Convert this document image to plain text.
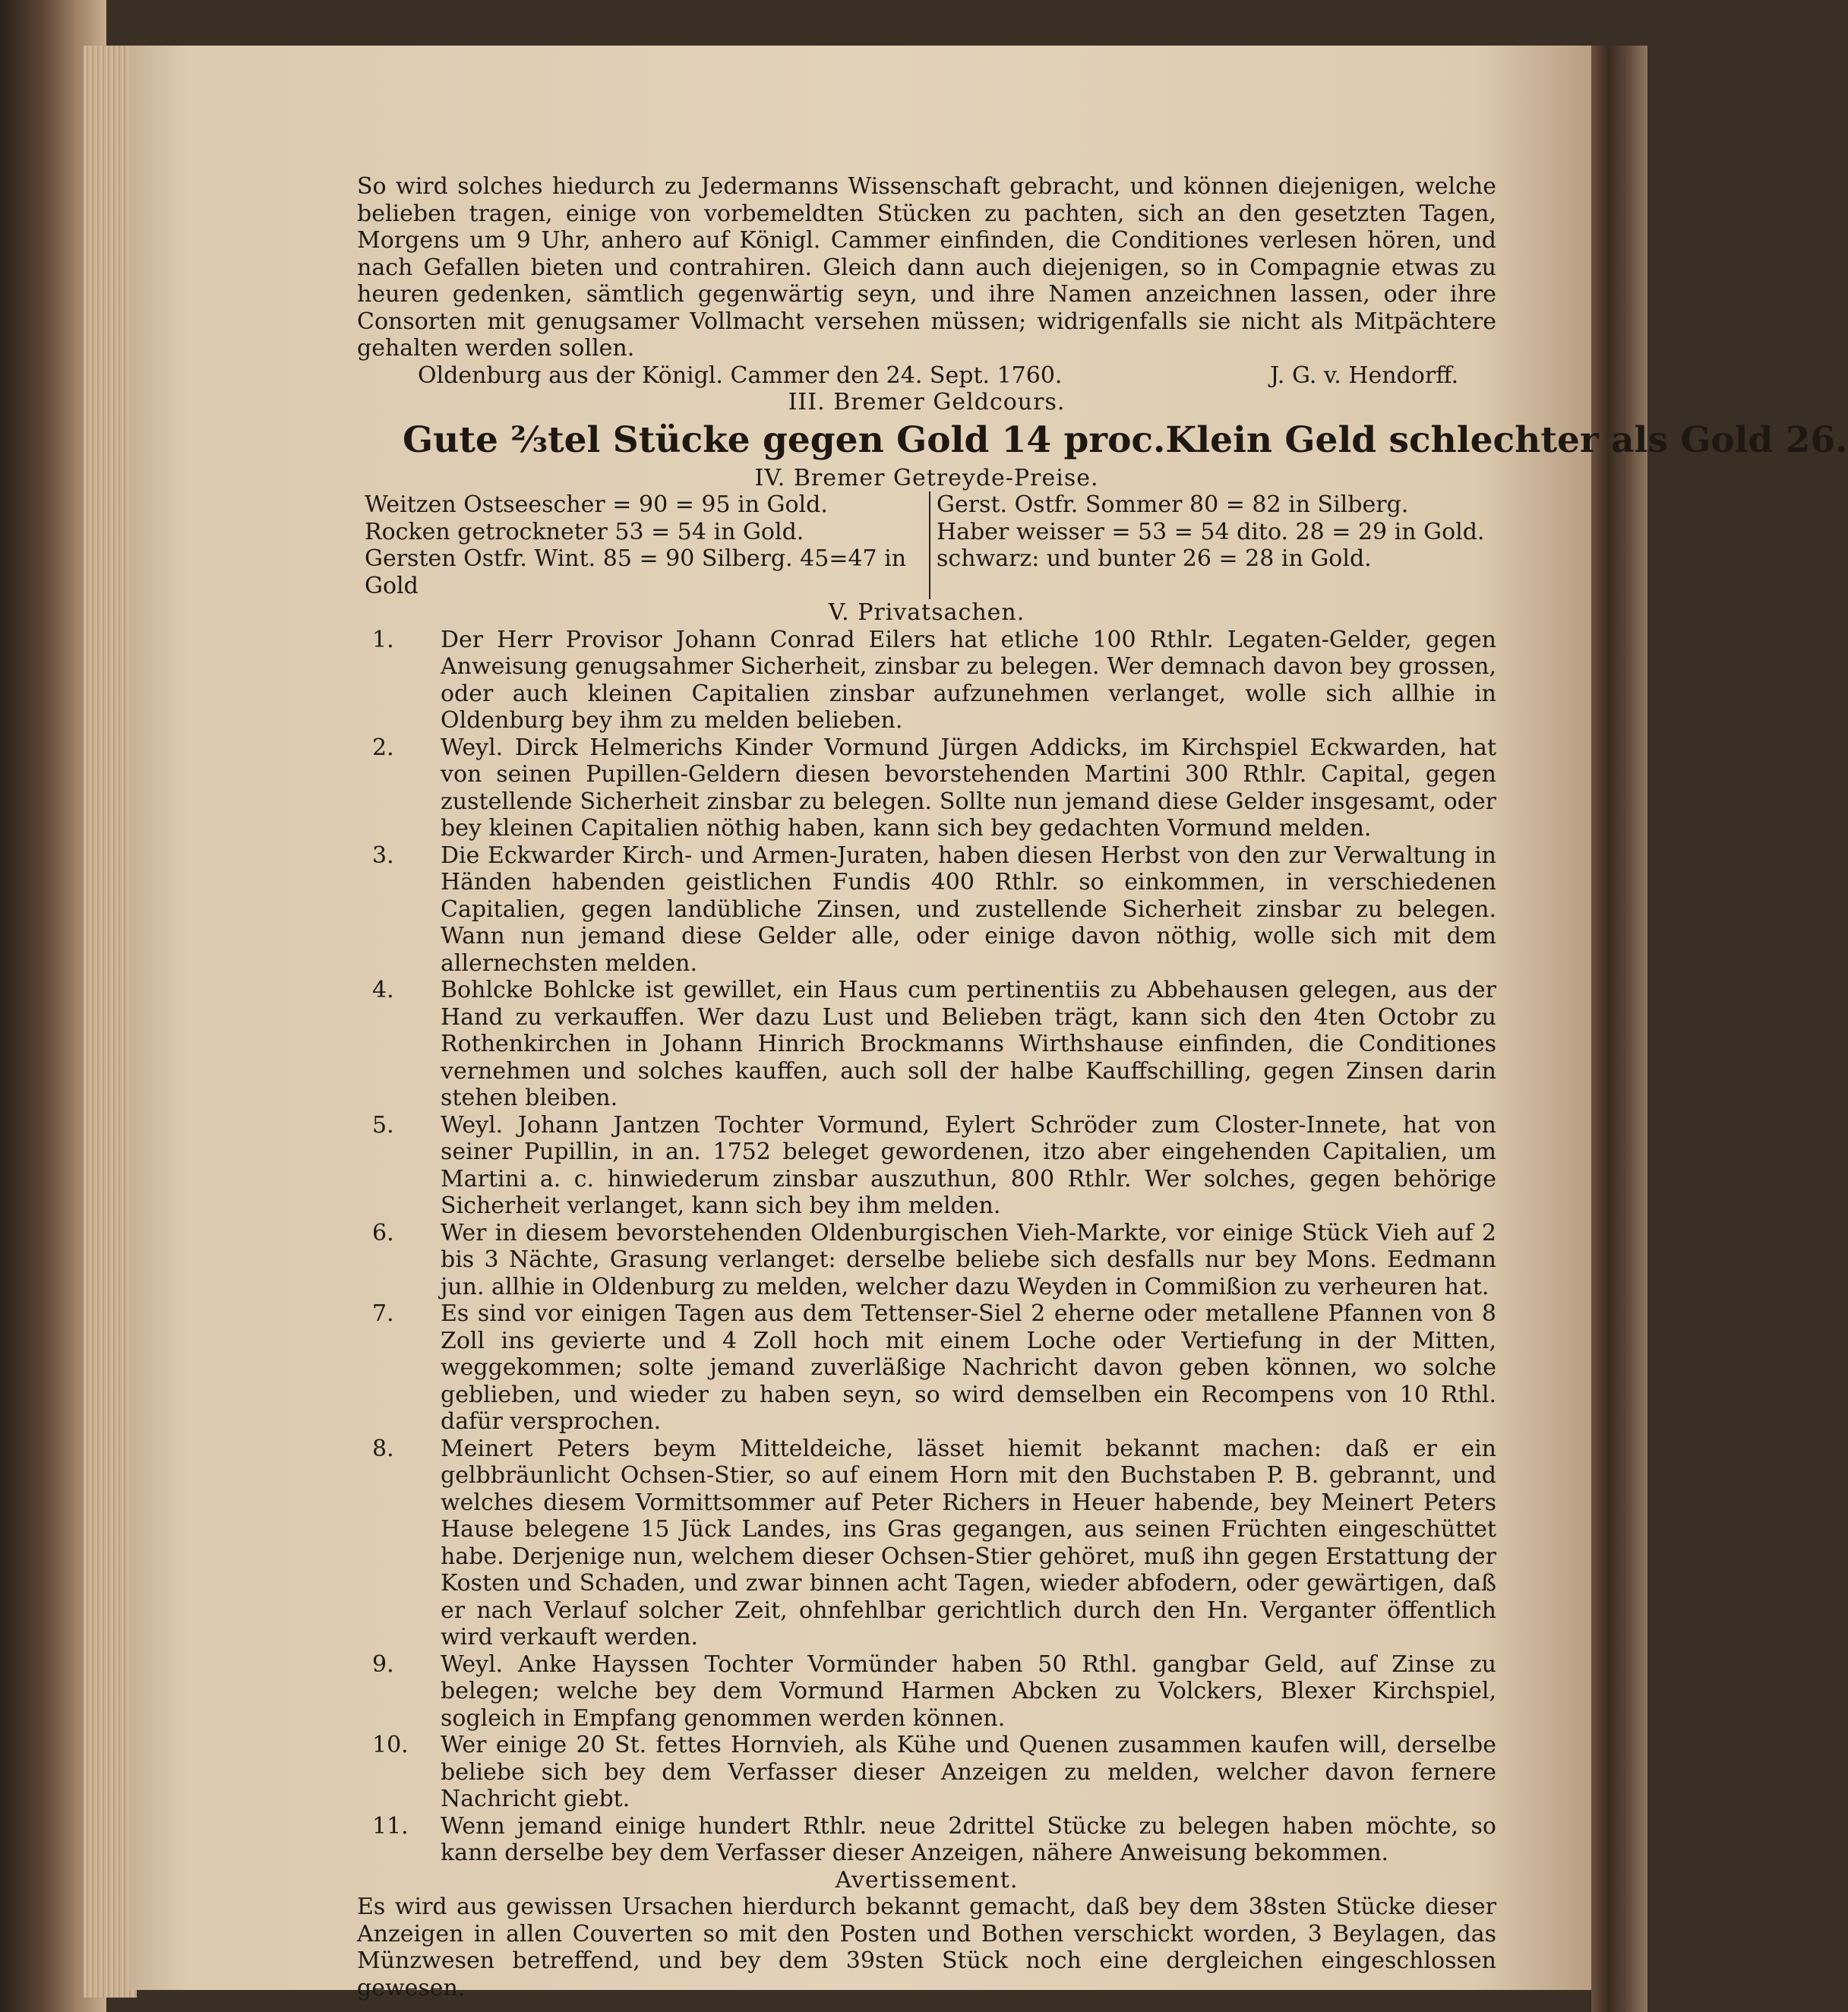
So wird solches hiedurch zu Jedermanns Wissenschaft gebracht, und können diejenigen, welche belieben tragen, einige von vorbemeldten Stücken zu pachten, sich an den gesetzten Tagen, Morgens um 9 Uhr, anhero auf Königl. Cammer einfinden, die Conditiones verlesen hören, und nach Gefallen bieten und contrahiren. Gleich dann auch diejenigen, so in Compagnie etwas zu heuren gedenken, sämtlich gegenwärtig seyn, und ihre Namen anzeichnen lassen, oder ihre Consorten mit genugsamer Vollmacht versehen müssen; widrigenfalls sie nicht als Mitpächtere gehalten werden sollen.

Oldenburg aus der Königl. Cammer den 24. Sept. 1760.	J. G. v. Hendorff.

III. Bremer Geldcours.

Gute ⅔tel Stücke gegen Gold 14 proc. Klein Geld schlechter als Gold 26.

IV. Bremer Getreyde-Preise.

Weitzen Ostseescher = 90 = 95 in Gold.
Rocken getrockneter 53 = 54 in Gold.
Gersten Ostfr. Wint. 85 = 90 Silberg. 45=47 in Gold
Gerst. Ostfr. Sommer 80 = 82 in Silberg.
Haber weisser = 53 = 54 dito. 28 = 29 in Gold.
schwarz: und bunter 26 = 28 in Gold.

V. Privatsachen.

1.	Der Herr Provisor Johann Conrad Eilers hat etliche 100 Rthlr. Legaten-Gelder, gegen Anweisung genugsahmer Sicherheit, zinsbar zu belegen. Wer demnach davon bey grossen, oder auch kleinen Capitalien zinsbar aufzunehmen verlanget, wolle sich allhie in Oldenburg bey ihm zu melden belieben.
2.	Weyl. Dirck Helmerichs Kinder Vormund Jürgen Addicks, im Kirchspiel Eckwarden, hat von seinen Pupillen-Geldern diesen bevorstehenden Martini 300 Rthlr. Capital, gegen zustellende Sicherheit zinsbar zu belegen. Sollte nun jemand diese Gelder insgesamt, oder bey kleinen Capitalien nöthig haben, kann sich bey gedachten Vormund melden.
3.	Die Eckwarder Kirch- und Armen-Juraten, haben diesen Herbst von den zur Verwaltung in Händen habenden geistlichen Fundis 400 Rthlr. so einkommen, in verschiedenen Capitalien, gegen landübliche Zinsen, und zustellende Sicherheit zinsbar zu belegen. Wann nun jemand diese Gelder alle, oder einige davon nöthig, wolle sich mit dem allernechsten melden.
4.	Bohlcke Bohlcke ist gewillet, ein Haus cum pertinentiis zu Abbehausen gelegen, aus der Hand zu verkauffen. Wer dazu Lust und Belieben trägt, kann sich den 4ten Octobr zu Rothenkirchen in Johann Hinrich Brockmanns Wirthshause einfinden, die Conditiones vernehmen und solches kauffen, auch soll der halbe Kauffschilling, gegen Zinsen darin stehen bleiben.
5.	Weyl. Johann Jantzen Tochter Vormund, Eylert Schröder zum Closter-Innete, hat von seiner Pupillin, in an. 1752 beleget gewordenen, itzo aber eingehenden Capitalien, um Martini a. c. hinwiederum zinsbar auszuthun, 800 Rthlr. Wer solches, gegen behörige Sicherheit verlanget, kann sich bey ihm melden.
6.	Wer in diesem bevorstehenden Oldenburgischen Vieh-Markte, vor einige Stück Vieh auf 2 bis 3 Nächte, Grasung verlanget: derselbe beliebe sich desfalls nur bey Mons. Eedmann jun. allhie in Oldenburg zu melden, welcher dazu Weyden in Commißion zu verheuren hat.
7.	Es sind vor einigen Tagen aus dem Tettenser-Siel 2 eherne oder metallene Pfannen von 8 Zoll ins gevierte und 4 Zoll hoch mit einem Loche oder Vertiefung in der Mitten, weggekommen; solte jemand zuverläßige Nachricht davon geben können, wo solche geblieben, und wieder zu haben seyn, so wird demselben ein Recompens von 10 Rthl. dafür versprochen.
8.	Meinert Peters beym Mitteldeiche, lässet hiemit bekannt machen: daß er ein gelbbräunlicht Ochsen-Stier, so auf einem Horn mit den Buchstaben P. B. gebrannt, und welches diesem Vormittsommer auf Peter Richers in Heuer habende, bey Meinert Peters Hause belegene 15 Jück Landes, ins Gras gegangen, aus seinen Früchten eingeschüttet habe. Derjenige nun, welchem dieser Ochsen-Stier gehöret, muß ihn gegen Erstattung der Kosten und Schaden, und zwar binnen acht Tagen, wieder abfodern, oder gewärtigen, daß er nach Verlauf solcher Zeit, ohnfehlbar gerichtlich durch den Hn. Verganter öffentlich wird verkauft werden.
9.	Weyl. Anke Hayssen Tochter Vormünder haben 50 Rthl. gangbar Geld, auf Zinse zu belegen; welche bey dem Vormund Harmen Abcken zu Volckers, Blexer Kirchspiel, sogleich in Empfang genommen werden können.
10. Wer einige 20 St. fettes Hornvieh, als Kühe und Quenen zusammen kaufen will, derselbe beliebe sich bey dem Verfasser dieser Anzeigen zu melden, welcher davon fernere Nachricht giebt.
11. Wenn jemand einige hundert Rthlr. neue 2drittel Stücke zu belegen haben möchte, so kann derselbe bey dem Verfasser dieser Anzeigen, nähere Anweisung bekommen.

Avertissement.

Es wird aus gewissen Ursachen hierdurch bekannt gemacht, daß bey dem 38sten Stücke dieser Anzeigen in allen Couverten so mit den Posten und Bothen verschickt worden, 3 Beylagen, das Münzwesen betreffend, und bey dem 39sten Stück noch eine dergleichen eingeschlossen gewesen.
